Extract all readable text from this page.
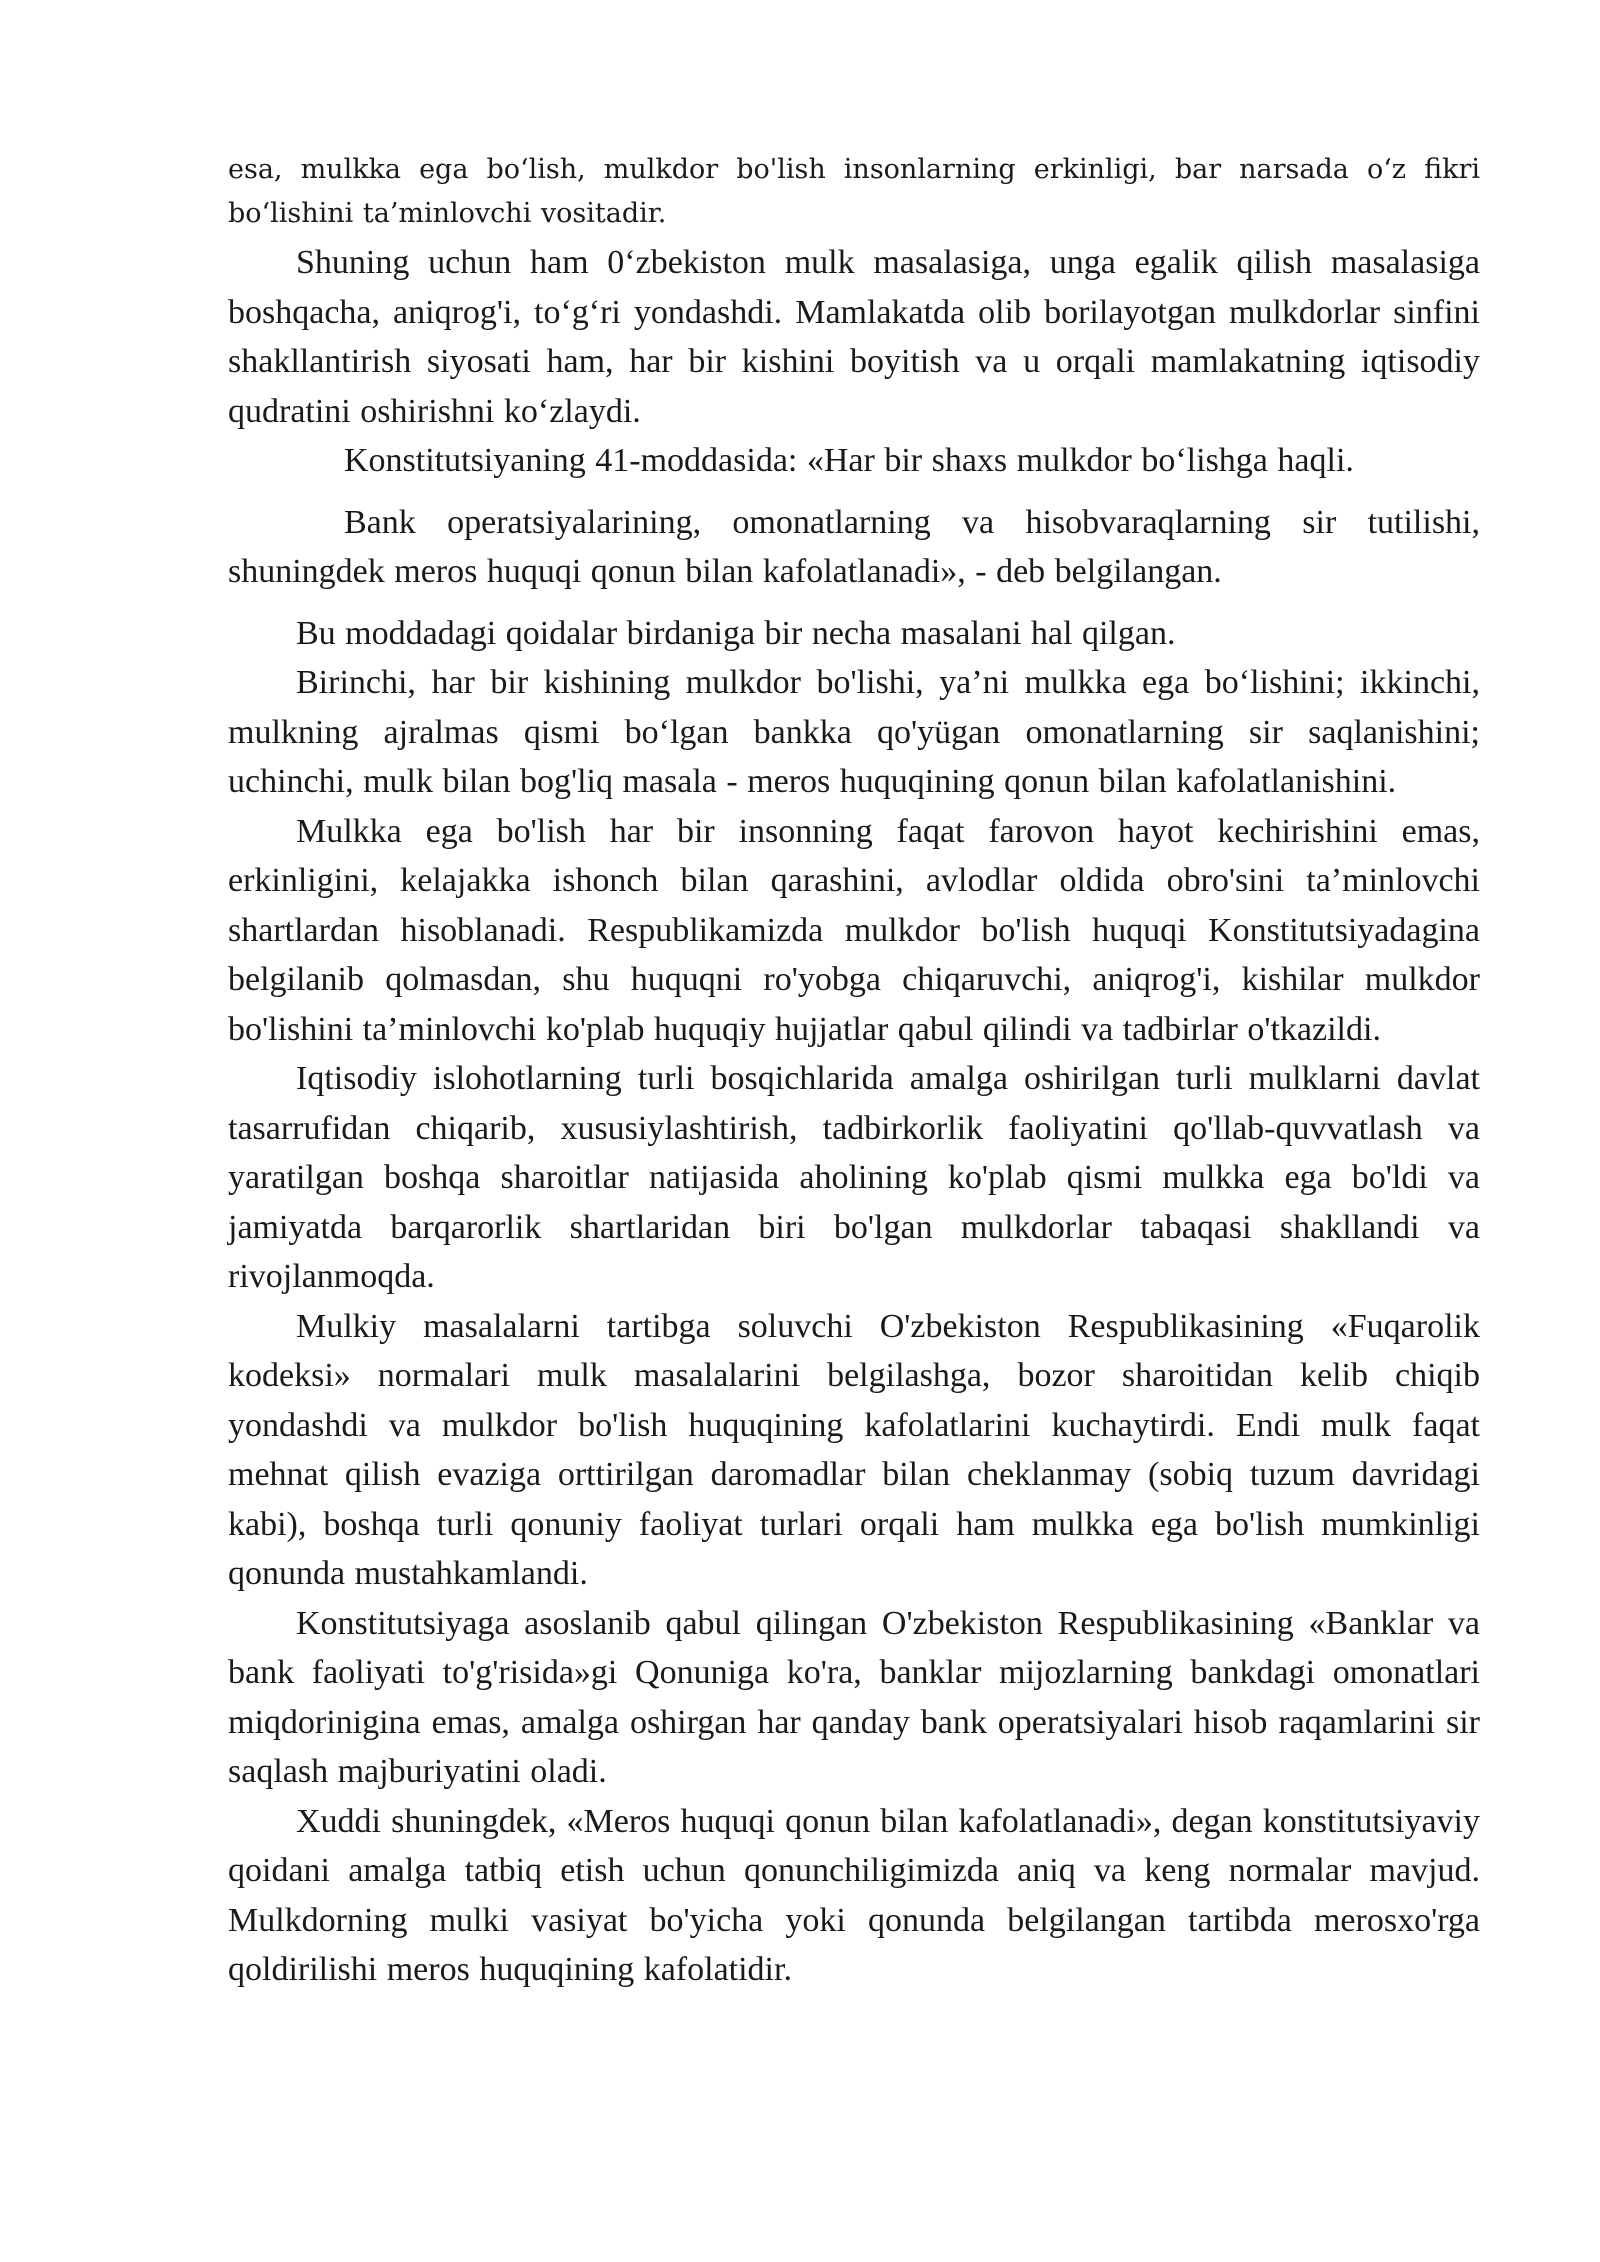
esa, mulkka ega bo‘lish, mulkdor bo'lish insonlarning erkinligi, bar narsada o‘z fikri bo‘lishini ta’minlovchi vositadir.

Shuning uchun ham 0‘zbekiston mulk masalasiga, unga egalik qilish masalasiga boshqacha, aniqrog'i, to‘g‘ri yondashdi. Mamlakatda olib borilayotgan mulkdorlar sinfini shakllantirish siyosati ham, har bir kishini boyitish va u orqali mamlakatning iqtisodiy qudratini oshirishni ko‘zlaydi.

Konstitutsiyaning 41-moddasida: «Har bir shaxs mulkdor bo‘lishga haqli.

Bank operatsiyalarining, omonatlarning va hisobvaraqlarning sir tutilishi, shuningdek meros huquqi qonun bilan kafolatlanadi», - deb belgilangan.

Bu moddadagi qoidalar birdaniga bir necha masalani hal qilgan.

Birinchi, har bir kishining mulkdor bo'lishi, ya’ni mulkka ega bo‘lishini; ikkinchi, mulkning ajralmas qismi bo‘lgan bankka qo'yügan omonatlarning sir saqlanishini; uchinchi, mulk bilan bog'liq masala - meros huquqining qonun bilan kafolatlanishini.

Mulkka ega bo'lish har bir insonning faqat farovon hayot kechirishini emas, erkinligini, kelajakka ishonch bilan qarashini, avlodlar oldida obro'sini ta’minlovchi shartlardan hisoblanadi. Respublikamizda mulkdor bo'lish huquqi Konstitutsiyadagina belgilanib qolmasdan, shu huquqni ro'yobga chiqaruvchi, aniqrog'i, kishilar mulkdor bo'lishini ta’minlovchi ko'plab huquqiy hujjatlar qabul qilindi va tadbirlar o'tkazildi.

Iqtisodiy islohotlarning turli bosqichlarida amalga oshirilgan turli mulklarni davlat tasarrufidan chiqarib, xususiylashtirish, tadbirkorlik faoliyatini qo'llab-quvvatlash va yaratilgan boshqa sharoitlar natijasida aholining ko'plab qismi mulkka ega bo'ldi va jamiyatda barqarorlik shartlaridan biri bo'lgan mulkdorlar tabaqasi shakllandi va rivojlanmoqda.

Mulkiy masalalarni tartibga soluvchi O'zbekiston Respublikasining «Fuqarolik kodeksi» normalari mulk masalalarini belgilashga, bozor sharoitidan kelib chiqib yondashdi va mulkdor bo'lish huquqining kafolatlarini kuchaytirdi. Endi mulk faqat mehnat qilish evaziga orttirilgan daromadlar bilan cheklanmay (sobiq tuzum davridagi kabi), boshqa turli qonuniy faoliyat turlari orqali ham mulkka ega bo'lish mumkinligi qonunda mustahkamlandi.

Konstitutsiyaga asoslanib qabul qilingan O'zbekiston Respublikasining «Banklar va bank faoliyati to'g'risida»gi Qonuniga ko'ra, banklar mijozlarning bankdagi omonatlari miqdorinigina emas, amalga oshirgan har qanday bank operatsiyalari hisob raqamlarini sir saqlash majburiyatini oladi.

Xuddi shuningdek, «Meros huquqi qonun bilan kafolatlanadi», degan konstitutsiyaviy qoidani amalga tatbiq etish uchun qonunchiligimizda aniq va keng normalar mavjud. Mulkdorning mulki vasiyat bo'yicha yoki qonunda belgilangan tartibda merosxo'rga qoldirilishi meros huquqining kafolatidir.
